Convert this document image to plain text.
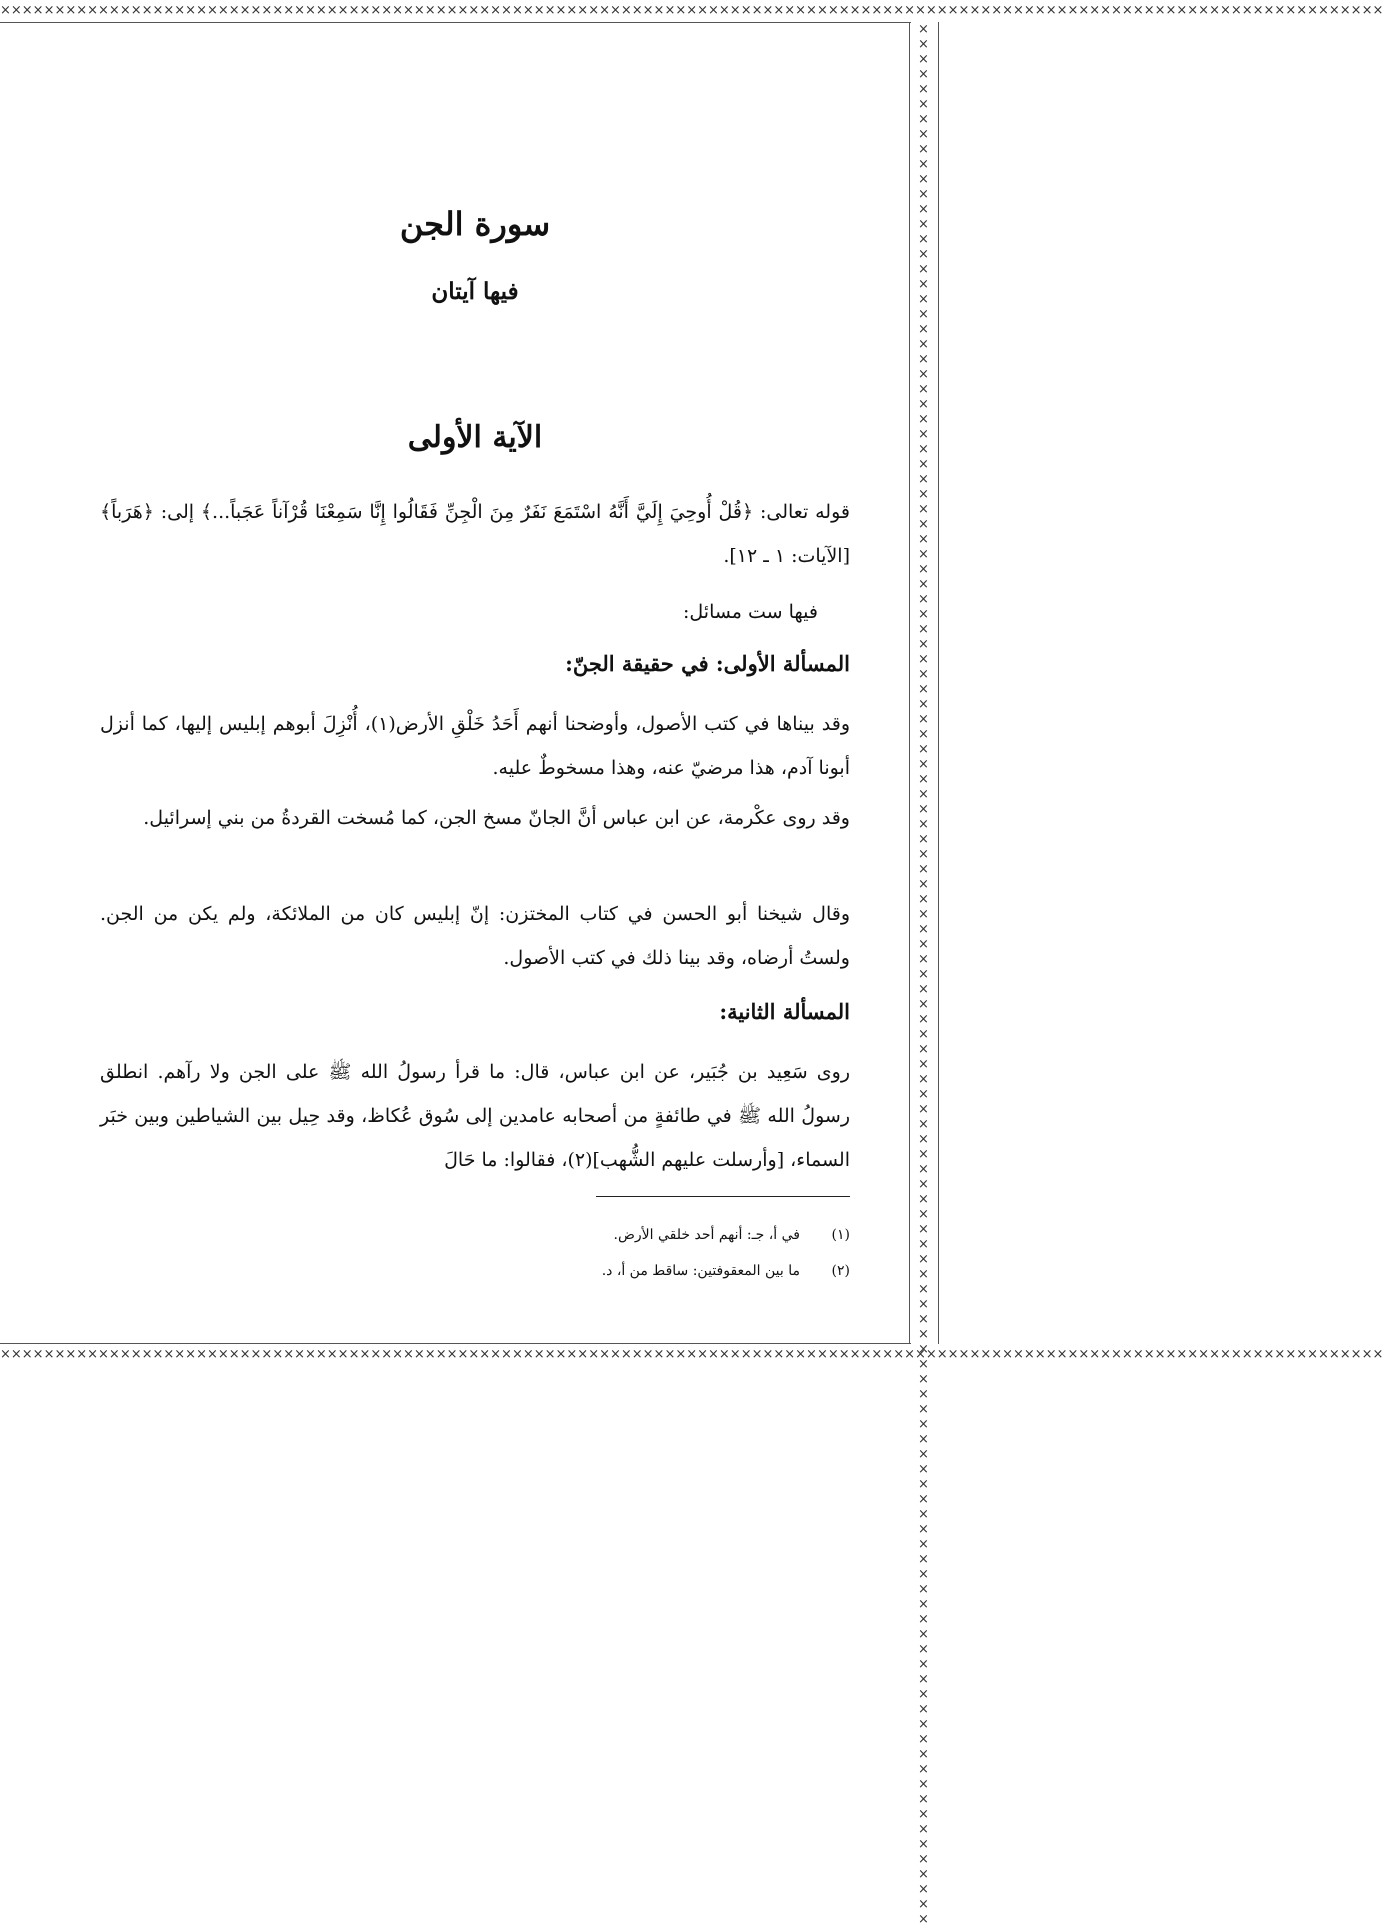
×××××××××××××××××××××××××××××××××××××××××××××××××××××××××××××××××××××××××××××××××××××××××××××××××××××××××××××××××××××××××××××××
×××××××××××××××××××××××××××××××××××××××××××××××××××××××××××××××××××××××××××××××××××××××××××××××××××××××××××××××××××××××××××××××
×××××××××××××××××××××××××××××××××××××××××××××××××××××××××××××××××××××××××××××××××××××××××××××××××××××××××××××××××××××××××××××××
سورة الجن
فيها آيتان
الآية الأولى
قوله تعالى: ﴿قُلْ أُوحِيَ إِلَيَّ أَنَّهُ اسْتَمَعَ نَفَرٌ مِنَ الْجِنِّ فَقَالُوا إِنَّا سَمِعْنَا قُرْآناً عَجَباً...﴾ إلى: ﴿هَرَباً﴾ [الآيات: ١ ـ ١٢].
فيها ست مسائل:
المسألة الأولى: في حقيقة الجنّ:
وقد بيناها في كتب الأصول، وأوضحنا أنهم أَحَدُ خَلْقِ الأرض(١)، أُنْزِلَ أبوهم إبليس إليها، كما أنزل أبونا آدم، هذا مرضيّ عنه، وهذا مسخوطٌ عليه.
وقد روى عكْرمة، عن ابن عباس أنَّ الجانّ مسخ الجن، كما مُسخت القردةُ من بني إسرائيل.
وقال شيخنا أبو الحسن في كتاب المختزن: إنّ إبليس كان من الملائكة، ولم يكن من الجن. ولستُ أرضاه، وقد بينا ذلك في كتب الأصول.
المسألة الثانية:
روى سَعِيد بن جُبَير، عن ابن عباس، قال: ما قرأ رسولُ الله ﷺ على الجن ولا رآهم. انطلق رسولُ الله ﷺ في طائفةٍ من أصحابه عامدين إلى سُوق عُكاظ، وقد حِيل بين الشياطين وبين خبَر السماء، [وأرسلت عليهم الشُّهب](٢)، فقالوا: ما حَالَ
(١)في أ، جـ: أنهم أحد خلقي الأرض.
(٢)ما بين المعقوفتين: ساقط من أ، د.
